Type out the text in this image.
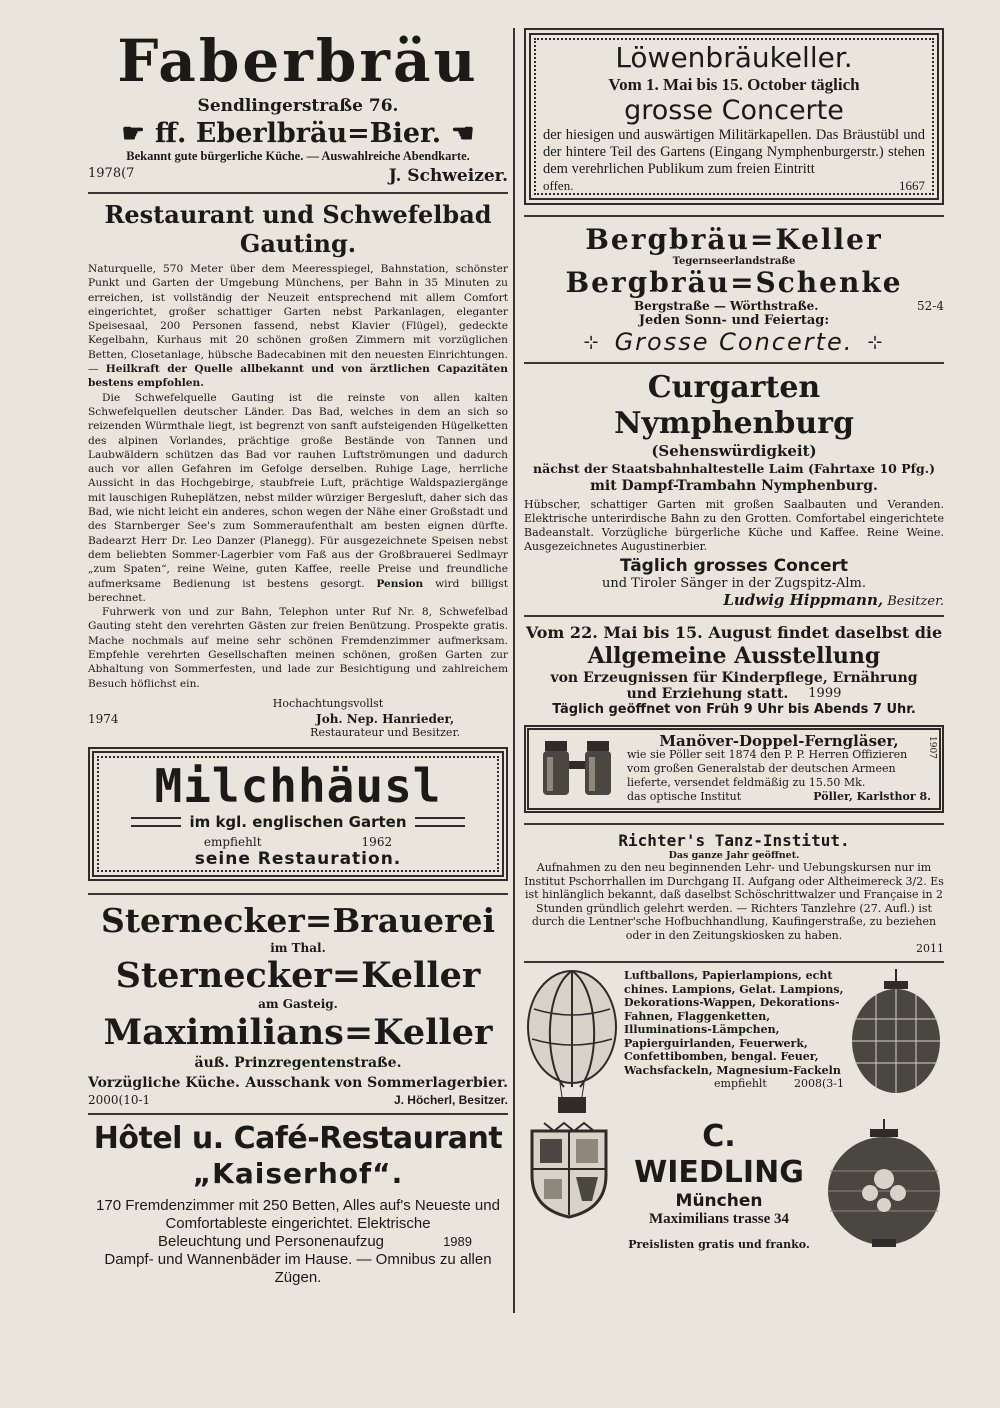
Faberbräu
Sendlingerstraße 76.
☛ ff. Eberlbräu=Bier. ☚
Bekannt gute bürgerliche Küche. — Auswahlreiche Abendkarte.
1978(7	J. Schweizer.
Restaurant und Schwefelbad Gauting.

Naturquelle, 570 Meter über dem Meeresspiegel, Bahnstation, schönster Punkt und Garten der Umgebung Münchens, per Bahn in 35 Minuten zu erreichen, ist vollständig der Neuzeit entsprechend mit allem Comfort eingerichtet, großer schattiger Garten nebst Parkanlagen, eleganter Speisesaal, 200 Personen fassend, nebst Klavier (Flügel), gedeckte Kegelbahn, Kurhaus mit 20 schönen großen Zimmern mit vorzüglichen Betten, Closetanlage, hübsche Badecabinen mit den neuesten Einrichtungen. — Heilkraft der Quelle allbekannt und von ärztlichen Capazitäten bestens empfohlen.

Die Schwefelquelle Gauting ist die reinste von allen kalten Schwefelquellen deutscher Länder. Das Bad, welches in dem an sich so reizenden Würmthale liegt, ist begrenzt von sanft aufsteigenden Hügelketten des alpinen Vorlandes, prächtige große Bestände von Tannen und Laubwäldern schützen das Bad vor rauhen Luftströmungen und dadurch auch vor allen Gefahren im Gefolge derselben. Ruhige Lage, herrliche Aussicht in das Hochgebirge, staubfreie Luft, prächtige Waldspaziergänge mit lauschigen Ruheplätzen, nebst milder würziger Bergesluft, daher sich das Bad, wie nicht leicht ein anderes, schon wegen der Nähe einer Großstadt und des Starnberger See's zum Sommeraufenthalt am besten eignen dürfte. Badearzt Herr Dr. Leo Danzer (Planegg). Für ausgezeichnete Speisen nebst dem beliebten Sommer-Lagerbier vom Faß aus der Großbrauerei Sedlmayr „zum Spaten“, reine Weine, guten Kaffee, reelle Preise und freundliche aufmerksame Bedienung ist bestens gesorgt. Pension wird billigst berechnet.

Fuhrwerk von und zur Bahn, Telephon unter Ruf Nr. 8, Schwefelbad Gauting steht den verehrten Gästen zur freien Benützung. Prospekte gratis. Mache nochmals auf meine sehr schönen Fremdenzimmer aufmerksam. Empfehle verehrten Gesellschaften meinen schönen, großen Garten zur Abhaltung von Sommerfesten, und lade zur Besichtigung und zahlreichem Besuch höflichst ein.

Hochachtungsvollst
1974	Joh. Nep. Hanrieder,
Restaurateur und Besitzer.
Milchhäusl
im kgl. englischen Garten
empfiehlt	1962
seine Restauration.
Sternecker=Brauerei
im Thal.
Sternecker=Keller
am Gasteig.
Maximilians=Keller
äuß. Prinzregentenstraße.
Vorzügliche Küche. Ausschank von Sommerlagerbier.
2000(10-1	J. Höcherl, Besitzer.
Hôtel u. Café-Restaurant
„Kaiserhof“.
170 Fremdenzimmer mit 250 Betten, Alles auf's Neueste und Comfortableste eingerichtet. Elektrische
Beleuchtung und Personenaufzug	1989
Dampf- und Wannenbäder im Hause. — Omnibus zu allen Zügen.
Löwenbräukeller.
Vom 1. Mai bis 15. October täglich
grosse Concerte
der hiesigen und auswärtigen Militärkapellen. Das Bräustübl und der hintere Teil des Gartens (Eingang Nymphenburgerstr.) stehen dem verehrlichen Publikum zum freien Eintritt
offen.	1667
Bergbräu=Keller
Tegernseerlandstraße
Bergbräu=Schenke
Bergstraße — Wörthstraße.	52-4
Jeden Sonn- und Feiertag:
⊹ Grosse Concerte. ⊹
Curgarten Nymphenburg
(Sehenswürdigkeit)
nächst der Staatsbahnhaltestelle Laim (Fahrtaxe 10 Pfg.)
mit Dampf-Trambahn Nymphenburg.
Hübscher, schattiger Garten mit großen Saalbauten und Veranden. Elektrische unterirdische Bahn zu den Grotten. Comfortabel eingerichtete Badeanstalt. Vorzügliche bürgerliche Küche und Kaffee. Reine Weine. Ausgezeichnetes Augustinerbier.
Täglich grosses Concert
und Tiroler Sänger in der Zugspitz-Alm.
Ludwig Hippmann, Besitzer.
Vom 22. Mai bis 15. August findet daselbst die
Allgemeine Ausstellung
von Erzeugnissen für Kinderpflege, Ernährung
und Erziehung statt. 1999
Täglich geöffnet von Früh 9 Uhr bis Abends 7 Uhr.
Manöver-Doppel-Ferngläser,
wie sie Pöller seit 1874 den P. P. Herren Offizieren vom großen Generalstab der deutschen Armeen lieferte, versendet feldmäßig zu 15.50 Mk.
das optische Institut	Pöller, Karlsthor 8.
1907
Richter's Tanz-Institut.
Das ganze Jahr geöffnet.
Aufnahmen zu den neu beginnenden Lehr- und Uebungskursen nur im Institut Pschorrhallen im Durchgang II. Aufgang oder Altheimereck 3/2. Es ist hinlänglich bekannt, daß daselbst Schöschrittwalzer und Française in 2 Stunden gründlich gelehrt werden. — Richters Tanzlehre (27. Aufl.) ist durch die Lentner'sche Hofbuchhandlung, Kaufingerstraße, zu beziehen oder in den Zeitungskiosken zu haben.
2011
Luftballons, Papierlampions, echt chines. Lampions, Gelat. Lampions, Dekorations-Wappen, Dekorations-Fahnen, Flaggenketten, Illuminations-Lämpchen, Papierguirlanden, Feuerwerk, Confettibomben, bengal. Feuer, Wachsfackeln, Magnesium-Fackeln
empfiehlt 2008(3-1
C. WIEDLING
München
Maximilians trasse 34
Preislisten gratis und franko.
